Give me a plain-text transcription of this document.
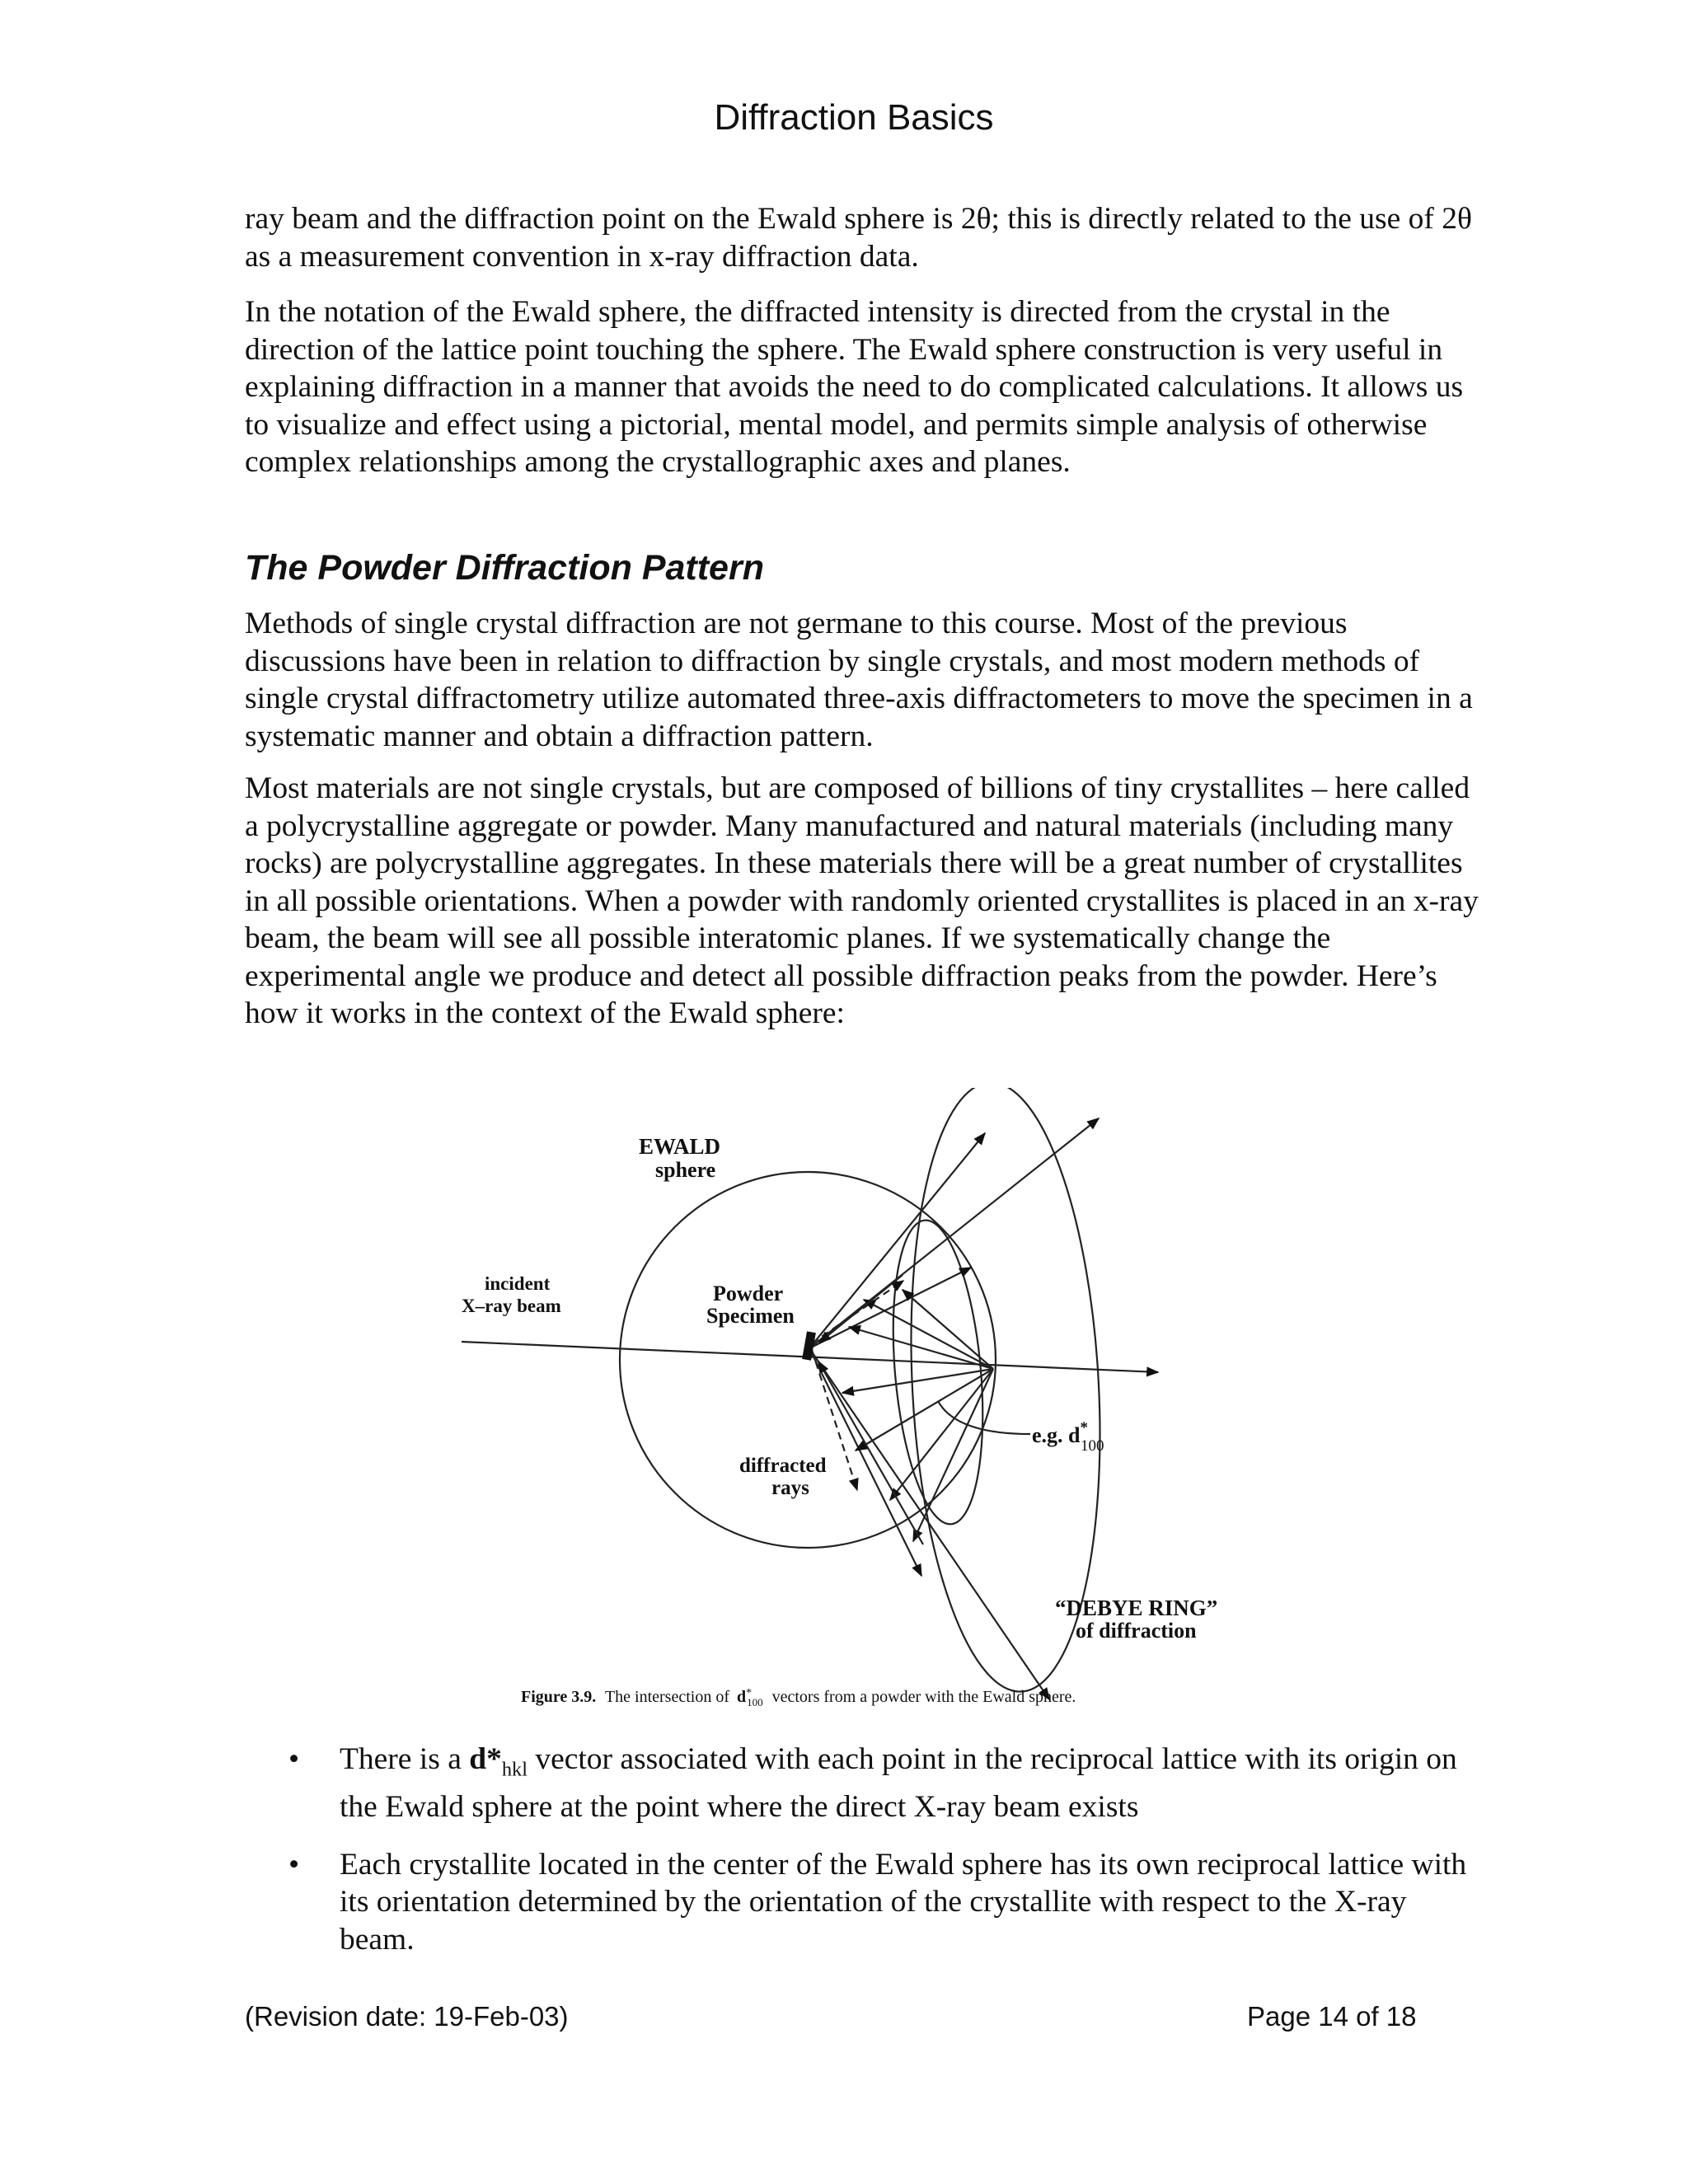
Diffraction Basics

ray beam and the diffraction point on the Ewald sphere is 2θ; this is directly related to the use of 2θ as a measurement convention in x-ray diffraction data.

In the notation of the Ewald sphere, the diffracted intensity is directed from the crystal in the direction of the lattice point touching the sphere. The Ewald sphere construction is very useful in explaining diffraction in a manner that avoids the need to do complicated calculations. It allows us to visualize and effect using a pictorial, mental model, and permits simple analysis of otherwise complex relationships among the crystallographic axes and planes.

The Powder Diffraction Pattern

Methods of single crystal diffraction are not germane to this course. Most of the previous discussions have been in relation to diffraction by single crystals, and most modern methods of single crystal diffractometry utilize automated three-axis diffractometers to move the specimen in a systematic manner and obtain a diffraction pattern.

Most materials are not single crystals, but are composed of billions of tiny crystallites – here called a polycrystalline aggregate or powder. Many manufactured and natural materials (including many rocks) are polycrystalline aggregates. In these materials there will be a great number of crystallites in all possible orientations. When a powder with randomly oriented crystallites is placed in an x-ray beam, the beam will see all possible interatomic planes. If we systematically change the experimental angle we produce and detect all possible diffraction peaks from the powder. Here’s how it works in the context of the Ewald sphere:

EWALD
sphere
incident
X–ray beam
Powder
Specimen
diffracted
rays
e.g. d* 100
“DEBYE RING”
of diffraction
Figure 3.9. The intersection of d* 100 vectors from a powder with the Ewald sphere.
• There is a $d*_{hkl}$ vector associated with each point in the reciprocal lattice with its origin on the Ewald sphere at the point where the direct X-ray beam exists
• Each crystallite located in the center of the Ewald sphere has its own reciprocal lattice with its orientation determined by the orientation of the crystallite with respect to the X-ray beam.
(Revision date: 19-Feb-03)	Page 14 of 18
